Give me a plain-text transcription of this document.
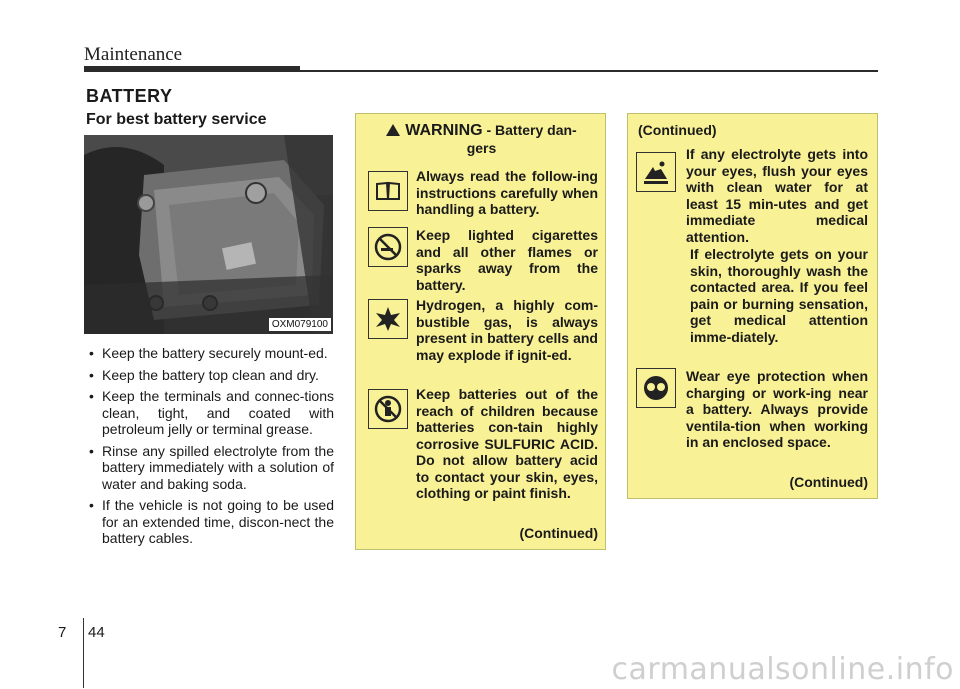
Maintenance
BATTERY
For best battery service
OXM079100
• Keep the battery securely mount-ed.
• Keep the battery top clean and dry.
• Keep the terminals and connec-tions clean, tight, and coated with petroleum jelly or terminal grease.
• Rinse any spilled electrolyte from the battery immediately with a solution of water and baking soda.
• If the vehicle is not going to be used for an extended time, discon-nect the battery cables.
WARNING - Battery dan-
gers

Always read the follow-ing instructions carefully when handling a battery.

Keep lighted cigarettes and all other flames or sparks away from the battery.

Hydrogen, a highly com-bustible gas, is always present in battery cells and may explode if ignit-ed.

Keep batteries out of the reach of children because batteries con-tain highly corrosive SULFURIC ACID. Do not allow battery acid to contact your skin, eyes, clothing or paint finish.

(Continued)

(Continued)

If any electrolyte gets into your eyes, flush your eyes with clean water for at least 15 min-utes and get immediate medical attention.

If electrolyte gets on your skin, thoroughly wash the contacted area. If you feel pain or burning sensation, get medical attention imme-diately.

Wear eye protection when charging or work-ing near a battery. Always provide ventila-tion when working in an enclosed space.

(Continued)

7 44
carmanualsonline.info
